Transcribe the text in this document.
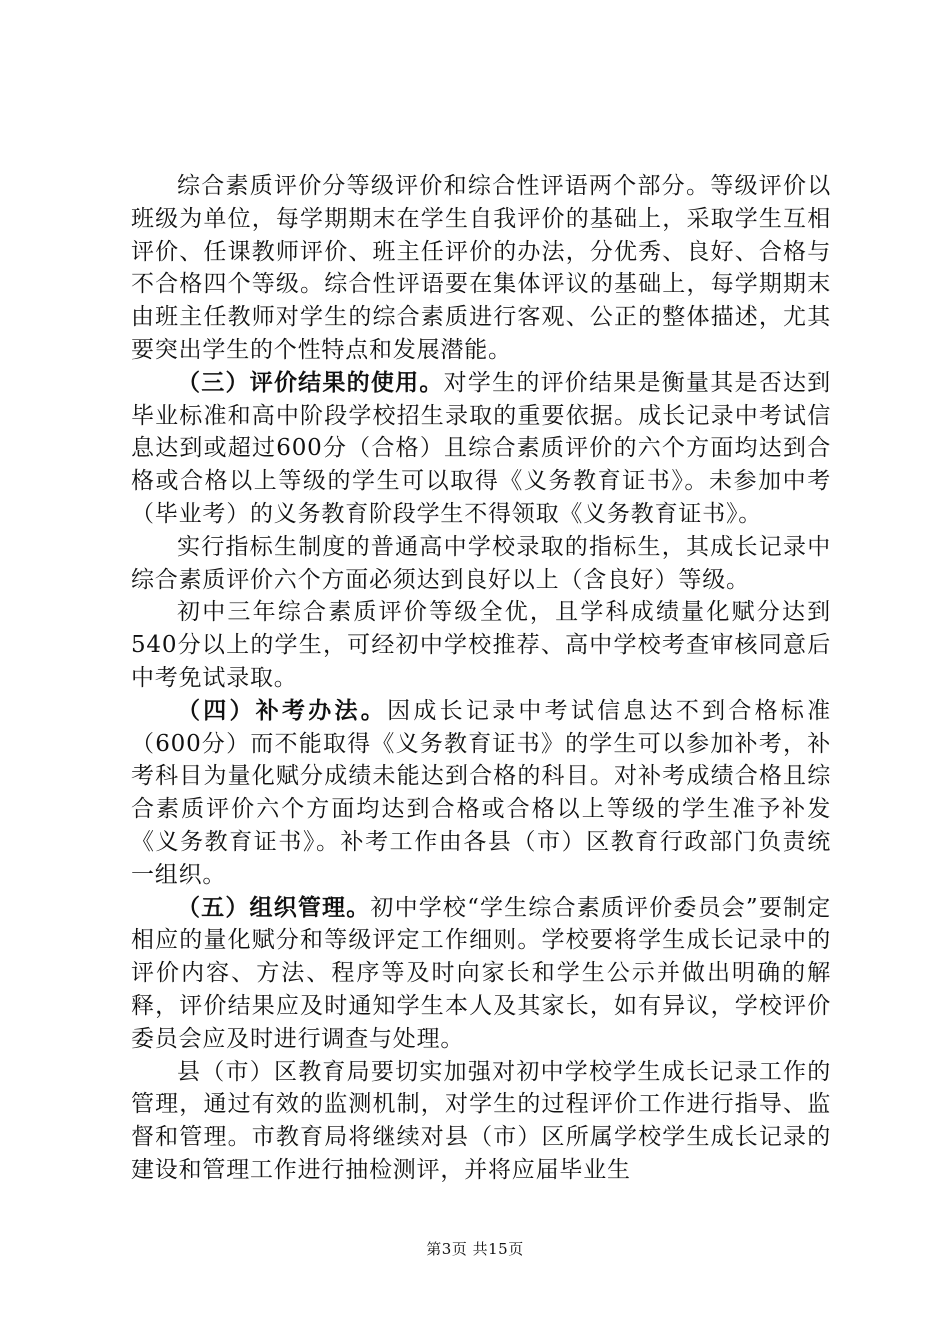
综合素质评价分等级评价和综合性评语两个部分。等级评价以班级为单位，每学期期末在学生自我评价的基础上，采取学生互相评价、任课教师评价、班主任评价的办法，分优秀、良好、合格与不合格四个等级。综合性评语要在集体评议的基础上，每学期期末由班主任教师对学生的综合素质进行客观、公正的整体描述，尤其要突出学生的个性特点和发展潜能。

（三）评价结果的使用。对学生的评价结果是衡量其是否达到毕业标准和高中阶段学校招生录取的重要依据。成长记录中考试信息达到或超过600分（合格）且综合素质评价的六个方面均达到合格或合格以上等级的学生可以取得《义务教育证书》。未参加中考（毕业考）的义务教育阶段学生不得领取《义务教育证书》。

实行指标生制度的普通高中学校录取的指标生，其成长记录中综合素质评价六个方面必须达到良好以上（含良好）等级。

初中三年综合素质评价等级全优，且学科成绩量化赋分达到540分以上的学生，可经初中学校推荐、高中学校考查审核同意后中考免试录取。

（四）补考办法。因成长记录中考试信息达不到合格标准（600分）而不能取得《义务教育证书》的学生可以参加补考，补考科目为量化赋分成绩未能达到合格的科目。对补考成绩合格且综合素质评价六个方面均达到合格或合格以上等级的学生准予补发《义务教育证书》。补考工作由各县（市）区教育行政部门负责统一组织。

（五）组织管理。初中学校“学生综合素质评价委员会”要制定相应的量化赋分和等级评定工作细则。学校要将学生成长记录中的评价内容、方法、程序等及时向家长和学生公示并做出明确的解释，评价结果应及时通知学生本人及其家长，如有异议，学校评价委员会应及时进行调查与处理。

县（市）区教育局要切实加强对初中学校学生成长记录工作的管理，通过有效的监测机制，对学生的过程评价工作进行指导、监督和管理。市教育局将继续对县（市）区所属学校学生成长记录的建设和管理工作进行抽检测评，并将应届毕业生

第3页 共15页
